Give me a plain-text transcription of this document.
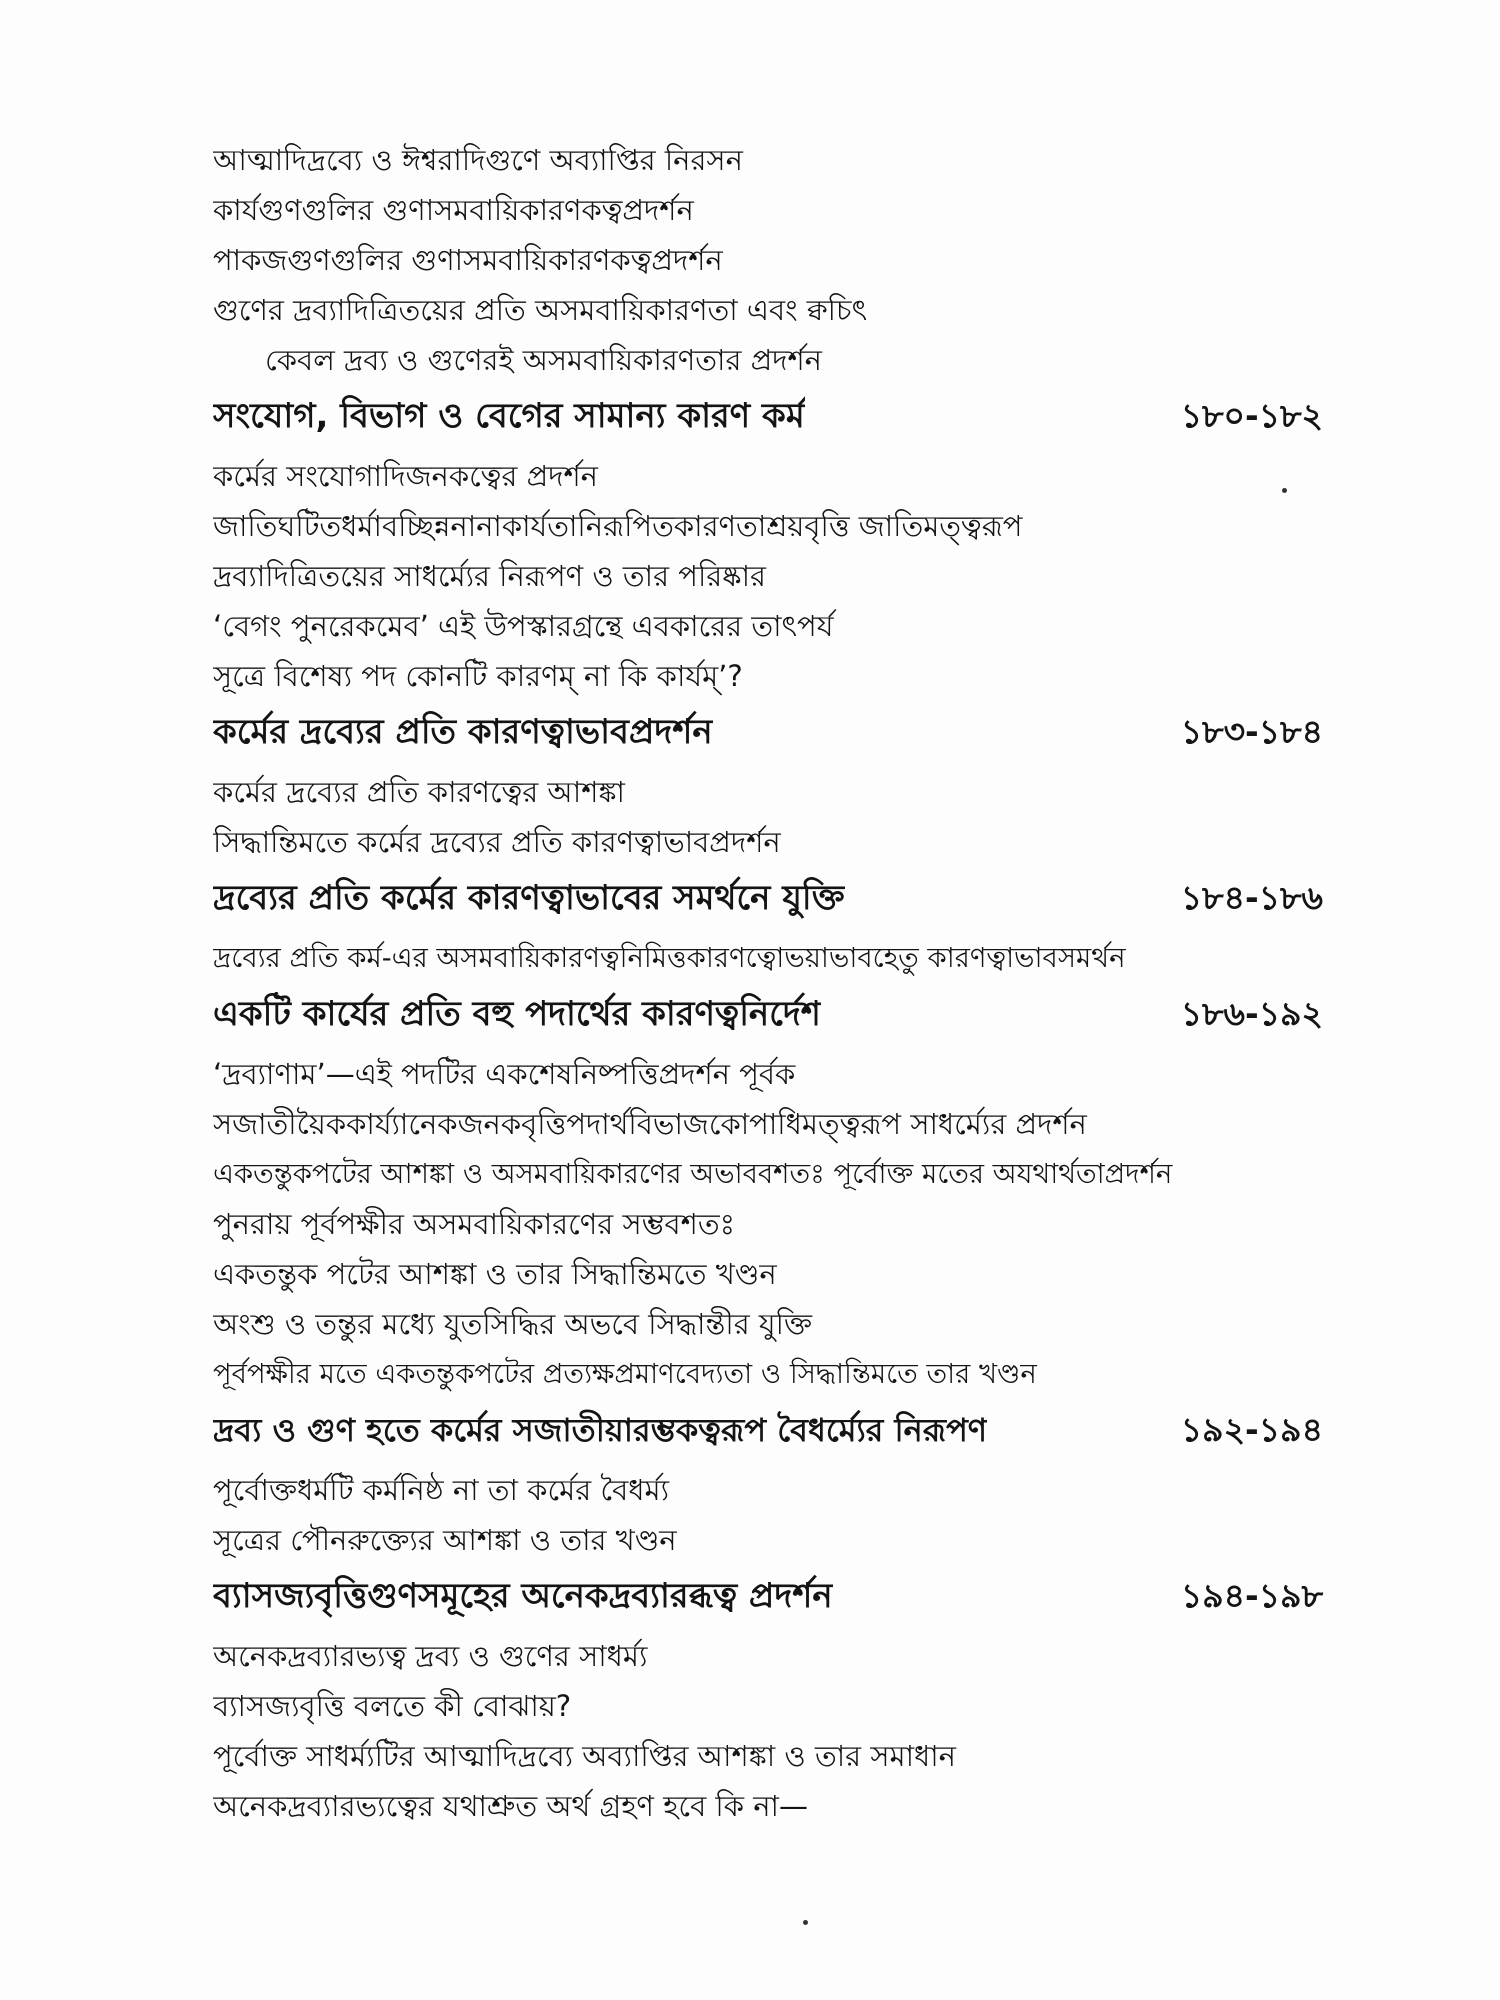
আত্মাদিদ্রব্যে ও ঈশ্বরাদিগুণে অব্যাপ্তির নিরসন
কার্যগুণগুলির গুণাসমবায়িকারণকত্বপ্রদর্শন
পাকজগুণগুলির গুণাসমবায়িকারণকত্বপ্রদর্শন
গুণের দ্রব্যাদিত্রিতয়ের প্রতি অসমবায়িকারণতা এবং ক্বচিৎ
কেবল দ্রব্য ও গুণেরই অসমবায়িকারণতার প্রদর্শন
সংযোগ, বিভাগ ও বেগের সামান্য কারণ কর্ম	১৮০-১৮২
কর্মের সংযোগাদিজনকত্বের প্রদর্শন
জাতিঘটিতধর্মাবচ্ছিন্ননানাকার্যতানিরূপিতকারণতাশ্রয়বৃত্তি জাতিমত্ত্বরূপ
দ্রব্যাদিত্রিতয়ের সাধর্ম্যের নিরূপণ ও তার পরিষ্কার
‘বেগং পুনরেকমেব’ এই উপস্কারগ্রন্থে এবকারের তাৎপর্য
সূত্রে বিশেষ্য পদ কোনটি কারণম্ না কি কার্যম্’?
কর্মের দ্রব্যের প্রতি কারণত্বাভাবপ্রদর্শন	১৮৩-১৮৪
কর্মের দ্রব্যের প্রতি কারণত্বের আশঙ্কা
সিদ্ধান্তিমতে কর্মের দ্রব্যের প্রতি কারণত্বাভাবপ্রদর্শন
দ্রব্যের প্রতি কর্মের কারণত্বাভাবের সমর্থনে যুক্তি	১৮৪-১৮৬
দ্রব্যের প্রতি কর্ম-এর অসমবায়িকারণত্বনিমিত্তকারণত্বোভয়াভাবহেতু কারণত্বাভাবসমর্থন
একটি কার্যের প্রতি বহু পদার্থের কারণত্বনির্দেশ	১৮৬-১৯২
‘দ্রব্যাণাম’—এই পদটির একশেষনিষ্পত্তিপ্রদর্শন পূর্বক
সজাতীয়ৈককার্য্যানেকজনকবৃত্তিপদার্থবিভাজকোপাধিমত্ত্বরূপ সাধর্ম্যের প্রদর্শন
একতন্তুকপটের আশঙ্কা ও অসমবায়িকারণের অভাববশতঃ পূর্বোক্ত মতের অযথার্থতাপ্রদর্শন
পুনরায় পূর্বপক্ষীর অসমবায়িকারণের সম্ভবশতঃ
একতন্তুক পটের আশঙ্কা ও তার সিদ্ধান্তিমতে খণ্ডন
অংশু ও তন্তুর মধ্যে যুতসিদ্ধির অভবে সিদ্ধান্তীর যুক্তি
পূর্বপক্ষীর মতে একতন্তুকপটের প্রত্যক্ষপ্রমাণবেদ্যতা ও সিদ্ধান্তিমতে তার খণ্ডন
দ্রব্য ও গুণ হতে কর্মের সজাতীয়ারম্ভকত্বরূপ বৈধর্ম্যের নিরূপণ	১৯২-১৯৪
পূর্বোক্তধর্মটি কর্মনিষ্ঠ না তা কর্মের বৈধর্ম্য
সূত্রের পৌনরুক্ত্যের আশঙ্কা ও তার খণ্ডন
ব্যাসজ্যবৃত্তিগুণসমূহের অনেকদ্রব্যারব্ধত্ব প্রদর্শন	১৯৪-১৯৮
অনেকদ্রব্যারভ্যত্ব দ্রব্য ও গুণের সাধর্ম্য
ব্যাসজ্যবৃত্তি বলতে কী বোঝায়?
পূর্বোক্ত সাধর্ম্যটির আত্মাদিদ্রব্যে অব্যাপ্তির আশঙ্কা ও তার সমাধান
অনেকদ্রব্যারভ্যত্বের যথাশ্রুত অর্থ গ্রহণ হবে কি না—
